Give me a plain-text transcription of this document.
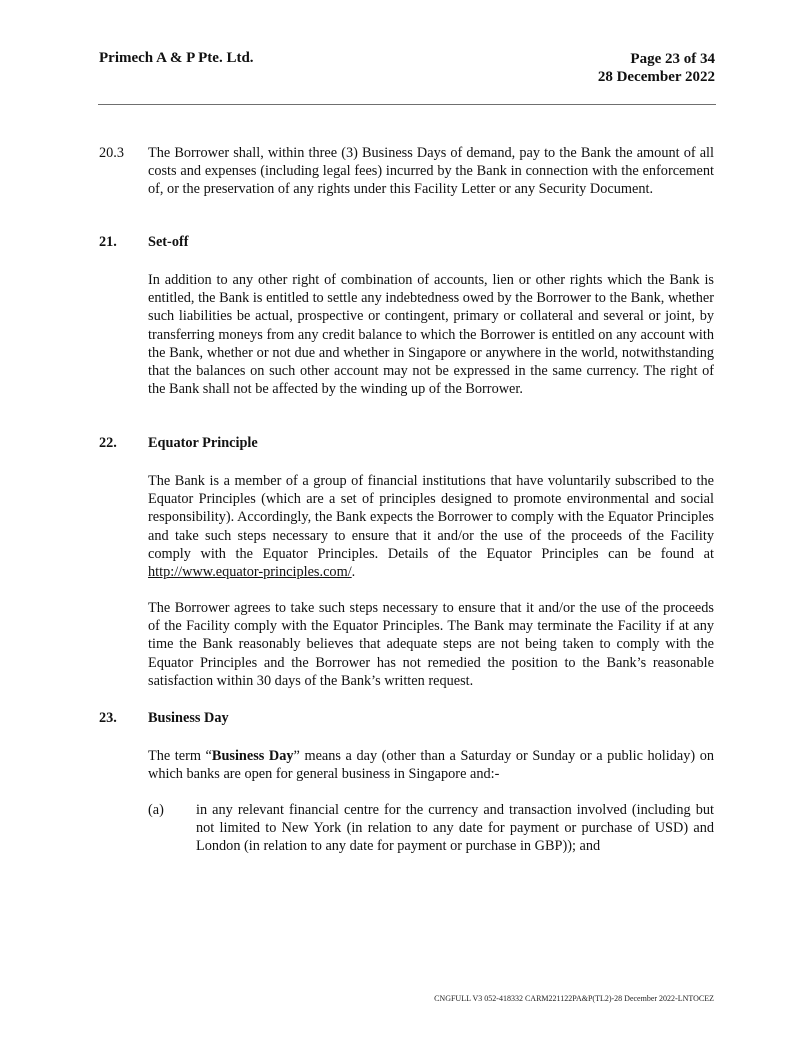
Primech A & P Pte. Ltd.	Page 23 of 34
28 December 2022
20.3 The Borrower shall, within three (3) Business Days of demand, pay to the Bank the amount of all costs and expenses (including legal fees) incurred by the Bank in connection with the enforcement of, or the preservation of any rights under this Facility Letter or any Security Document.
21. Set-off
In addition to any other right of combination of accounts, lien or other rights which the Bank is entitled, the Bank is entitled to settle any indebtedness owed by the Borrower to the Bank, whether such liabilities be actual, prospective or contingent, primary or collateral and several or joint, by transferring moneys from any credit balance to which the Borrower is entitled on any account with the Bank, whether or not due and whether in Singapore or anywhere in the world, notwithstanding that the balances on such other account may not be expressed in the same currency. The right of the Bank shall not be affected by the winding up of the Borrower.
22. Equator Principle
The Bank is a member of a group of financial institutions that have voluntarily subscribed to the Equator Principles (which are a set of principles designed to promote environmental and social responsibility). Accordingly, the Bank expects the Borrower to comply with the Equator Principles and take such steps necessary to ensure that it and/or the use of the proceeds of the Facility comply with the Equator Principles. Details of the Equator Principles can be found at http://www.equator-principles.com/.
The Borrower agrees to take such steps necessary to ensure that it and/or the use of the proceeds of the Facility comply with the Equator Principles. The Bank may terminate the Facility if at any time the Bank reasonably believes that adequate steps are not being taken to comply with the Equator Principles and the Borrower has not remedied the position to the Bank’s reasonable satisfaction within 30 days of the Bank’s written request.
23. Business Day
The term “Business Day” means a day (other than a Saturday or Sunday or a public holiday) on which banks are open for general business in Singapore and:-
(a) in any relevant financial centre for the currency and transaction involved (including but not limited to New York (in relation to any date for payment or purchase of USD) and London (in relation to any date for payment or purchase in GBP)); and
CNGFULL V3 052-418332 CARM221122PA&P(TL2)-28 December 2022-LNTOCEZ
